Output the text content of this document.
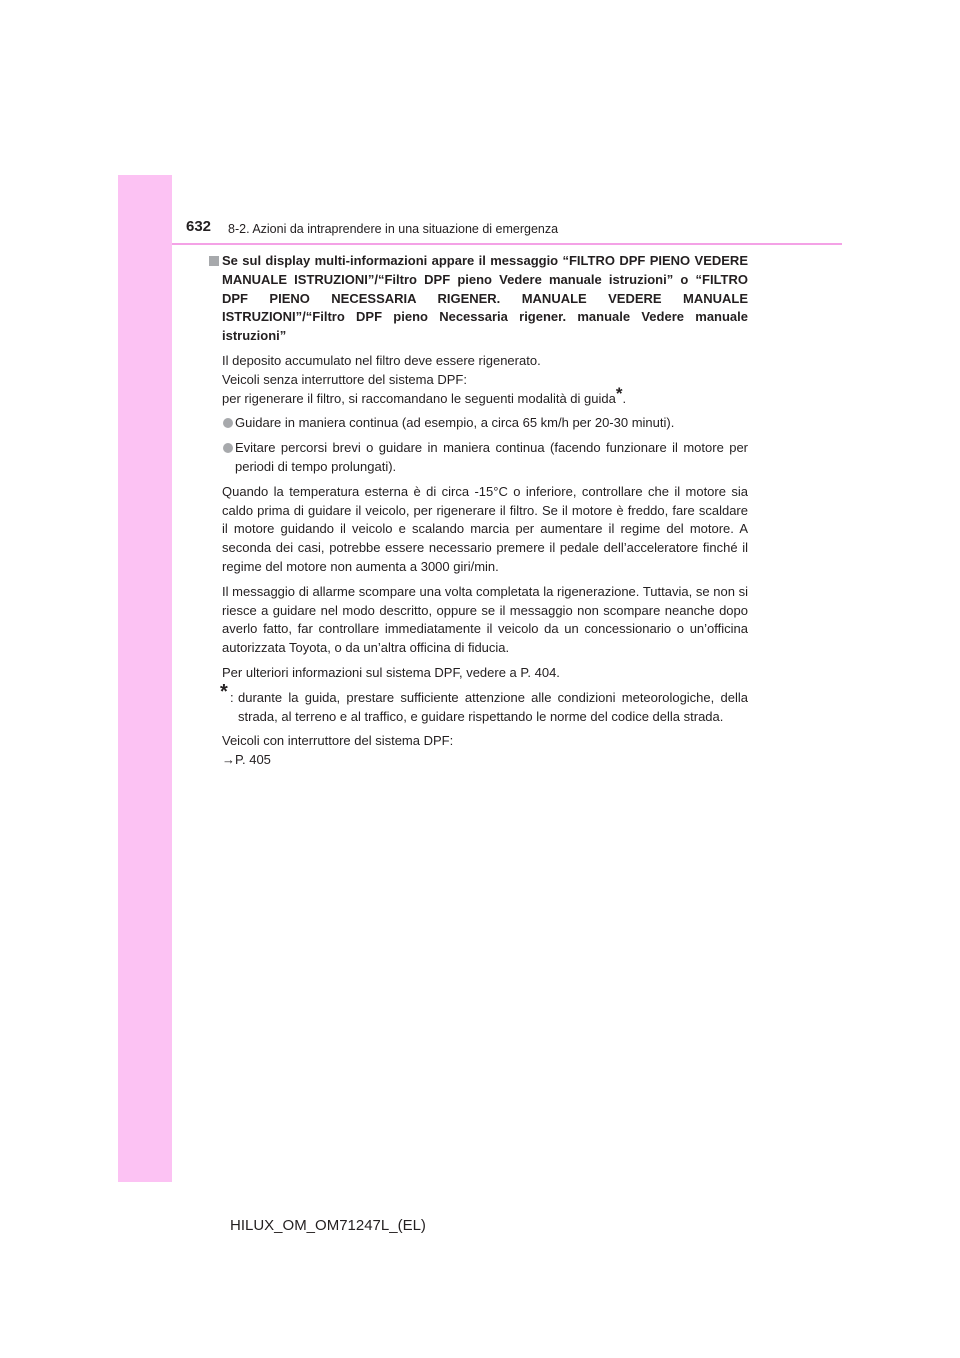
632 8-2. Azioni da intraprendere in una situazione di emergenza

Se sul display multi-informazioni appare il messaggio “FILTRO DPF PIENO VEDERE MANUALE ISTRUZIONI”/“Filtro DPF pieno Vedere manuale istruzioni” o “FILTRO DPF PIENO NECESSARIA RIGENER. MANUALE VEDERE MANUALE ISTRUZIONI”/“Filtro DPF pieno Necessaria rigener. manuale Vedere manuale istruzioni”

Il deposito accumulato nel filtro deve essere rigenerato.

Veicoli senza interruttore del sistema DPF:

per rigenerare il filtro, si raccomandano le seguenti modalità di guida*.

Guidare in maniera continua (ad esempio, a circa 65 km/h per 20-30 minuti).

Evitare percorsi brevi o guidare in maniera continua (facendo funzionare il motore per periodi di tempo prolungati).

Quando la temperatura esterna è di circa -15°C o inferiore, controllare che il motore sia caldo prima di guidare il veicolo, per rigenerare il filtro. Se il motore è freddo, fare scaldare il motore guidando il veicolo e scalando marcia per aumentare il regime del motore. A seconda dei casi, potrebbe essere necessario premere il pedale dell’acceleratore finché il regime del motore non aumenta a 3000 giri/min.

Il messaggio di allarme scompare una volta completata la rigenerazione. Tuttavia, se non si riesce a guidare nel modo descritto, oppure se il messaggio non scompare neanche dopo averlo fatto, far controllare immediatamente il veicolo da un concessionario o un’officina autorizzata Toyota, o da un’altra officina di fiducia.

Per ulteriori informazioni sul sistema DPF, vedere a P. 404.

* : durante la guida, prestare sufficiente attenzione alle condizioni meteorologiche, della strada, al terreno e al traffico, e guidare rispettando le norme del codice della strada.

Veicoli con interruttore del sistema DPF:

→P. 405

HILUX_OM_OM71247L_(EL)
